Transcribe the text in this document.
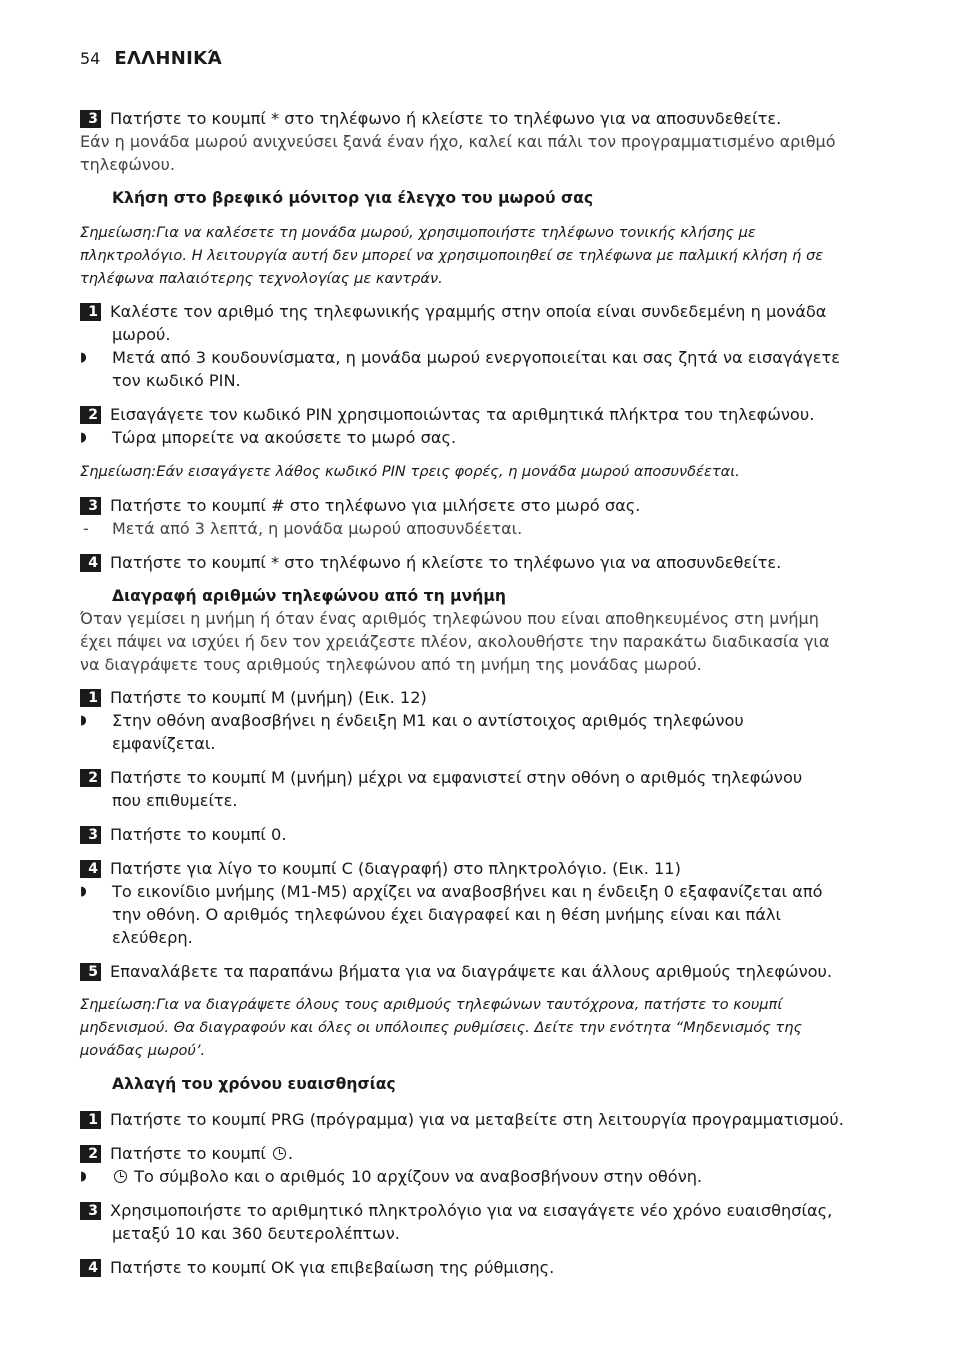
54 ΕΛΛΗΝΙΚΆ
3 Πατήστε το κουμπί * στο τηλέφωνο ή κλείστε το τηλέφωνο για να αποσυνδεθείτε.
Εάν η μονάδα μωρού ανιχνεύσει ξανά έναν ήχο, καλεί και πάλι τον προγραμματισμένο αριθμό
τηλεφώνου.
Κλήση στο βρεφικό μόνιτορ για έλεγχο του μωρού σας
Σημείωση:Για να καλέσετε τη μονάδα μωρού, χρησιμοποιήστε τηλέφωνο τονικής κλήσης με
πληκτρολόγιο. Η λειτουργία αυτή δεν μπορεί να χρησιμοποιηθεί σε τηλέφωνα με παλμική κλήση ή σε
τηλέφωνα παλαιότερης τεχνολογίας με καντράν.
1 Καλέστε τον αριθμό της τηλεφωνικής γραμμής στην οποία είναι συνδεδεμένη η μονάδα
μωρού.
◗	Μετά από 3 κουδουνίσματα, η μονάδα μωρού ενεργοποιείται και σας ζητά να εισαγάγετε
τον κωδικό PIN.
2 Εισαγάγετε τον κωδικό PIN χρησιμοποιώντας τα αριθμητικά πλήκτρα του τηλεφώνου.
◗	Τώρα μπορείτε να ακούσετε το μωρό σας.
Σημείωση:Εάν εισαγάγετε λάθος κωδικό PIN τρεις φορές, η μονάδα μωρού αποσυνδέεται.
3 Πατήστε το κουμπί # στο τηλέφωνο για μιλήσετε στο μωρό σας.
-	Μετά από 3 λεπτά, η μονάδα μωρού αποσυνδέεται.
4 Πατήστε το κουμπί * στο τηλέφωνο ή κλείστε το τηλέφωνο για να αποσυνδεθείτε.
Διαγραφή αριθμών τηλεφώνου από τη μνήμη
Όταν γεμίσει η μνήμη ή όταν ένας αριθμός τηλεφώνου που είναι αποθηκευμένος στη μνήμη
έχει πάψει να ισχύει ή δεν τον χρειάζεστε πλέον, ακολουθήστε την παρακάτω διαδικασία για
να διαγράψετε τους αριθμούς τηλεφώνου από τη μνήμη της μονάδας μωρού.
1 Πατήστε το κουμπί M (μνήμη) (Εικ. 12)
◗	Στην οθόνη αναβοσβήνει η ένδειξη M1 και ο αντίστοιχος αριθμός τηλεφώνου
εμφανίζεται.
2 Πατήστε το κουμπί M (μνήμη) μέχρι να εμφανιστεί στην οθόνη ο αριθμός τηλεφώνου
που επιθυμείτε.
3 Πατήστε το κουμπί 0.
4 Πατήστε για λίγο το κουμπί C (διαγραφή) στο πληκτρολόγιο. (Εικ. 11)
◗	Το εικονίδιο μνήμης (M1-M5) αρχίζει να αναβοσβήνει και η ένδειξη 0 εξαφανίζεται από
την οθόνη. Ο αριθμός τηλεφώνου έχει διαγραφεί και η θέση μνήμης είναι και πάλι
ελεύθερη.
5 Επαναλάβετε τα παραπάνω βήματα για να διαγράψετε και άλλους αριθμούς τηλεφώνου.
Σημείωση:Για να διαγράψετε όλους τους αριθμούς τηλεφώνων ταυτόχρονα, πατήστε το κουμπί
μηδενισμού. Θα διαγραφούν και όλες οι υπόλοιπες ρυθμίσεις. Δείτε την ενότητα “Μηδενισμός της
μονάδας μωρού’.
Αλλαγή του χρόνου ευαισθησίας
1 Πατήστε το κουμπί PRG (πρόγραμμα) για να μεταβείτε στη λειτουργία προγραμματισμού.
2 Πατήστε το κουμπί .
◗	Το σύμβολο και ο αριθμός 10 αρχίζουν να αναβοσβήνουν στην οθόνη.
3 Χρησιμοποιήστε το αριθμητικό πληκτρολόγιο για να εισαγάγετε νέο χρόνο ευαισθησίας,
μεταξύ 10 και 360 δευτερολέπτων.
4 Πατήστε το κουμπί OK για επιβεβαίωση της ρύθμισης.
